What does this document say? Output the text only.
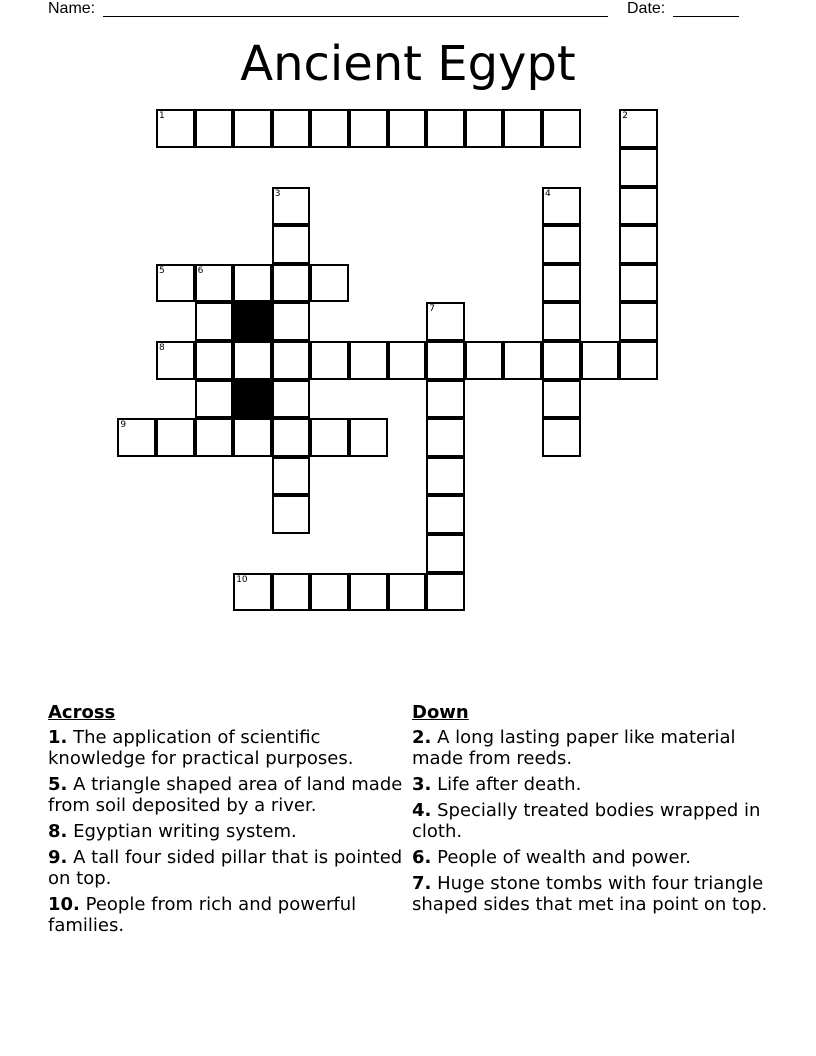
Name:	Date:
Ancient Egypt
1	2
3	4
5	6
7
8
9
10
Across
1. The application of scientific knowledge for practical purposes.
5. A triangle shaped area of land made from soil deposited by a river.
8. Egyptian writing system.
9. A tall four sided pillar that is pointed on top.
10. People from rich and powerful families.
Down
2. A long lasting paper like material made from reeds.
3. Life after death.
4. Specially treated bodies wrapped in cloth.
6. People of wealth and power.
7. Huge stone tombs with four triangle shaped sides that met ina point on top.
